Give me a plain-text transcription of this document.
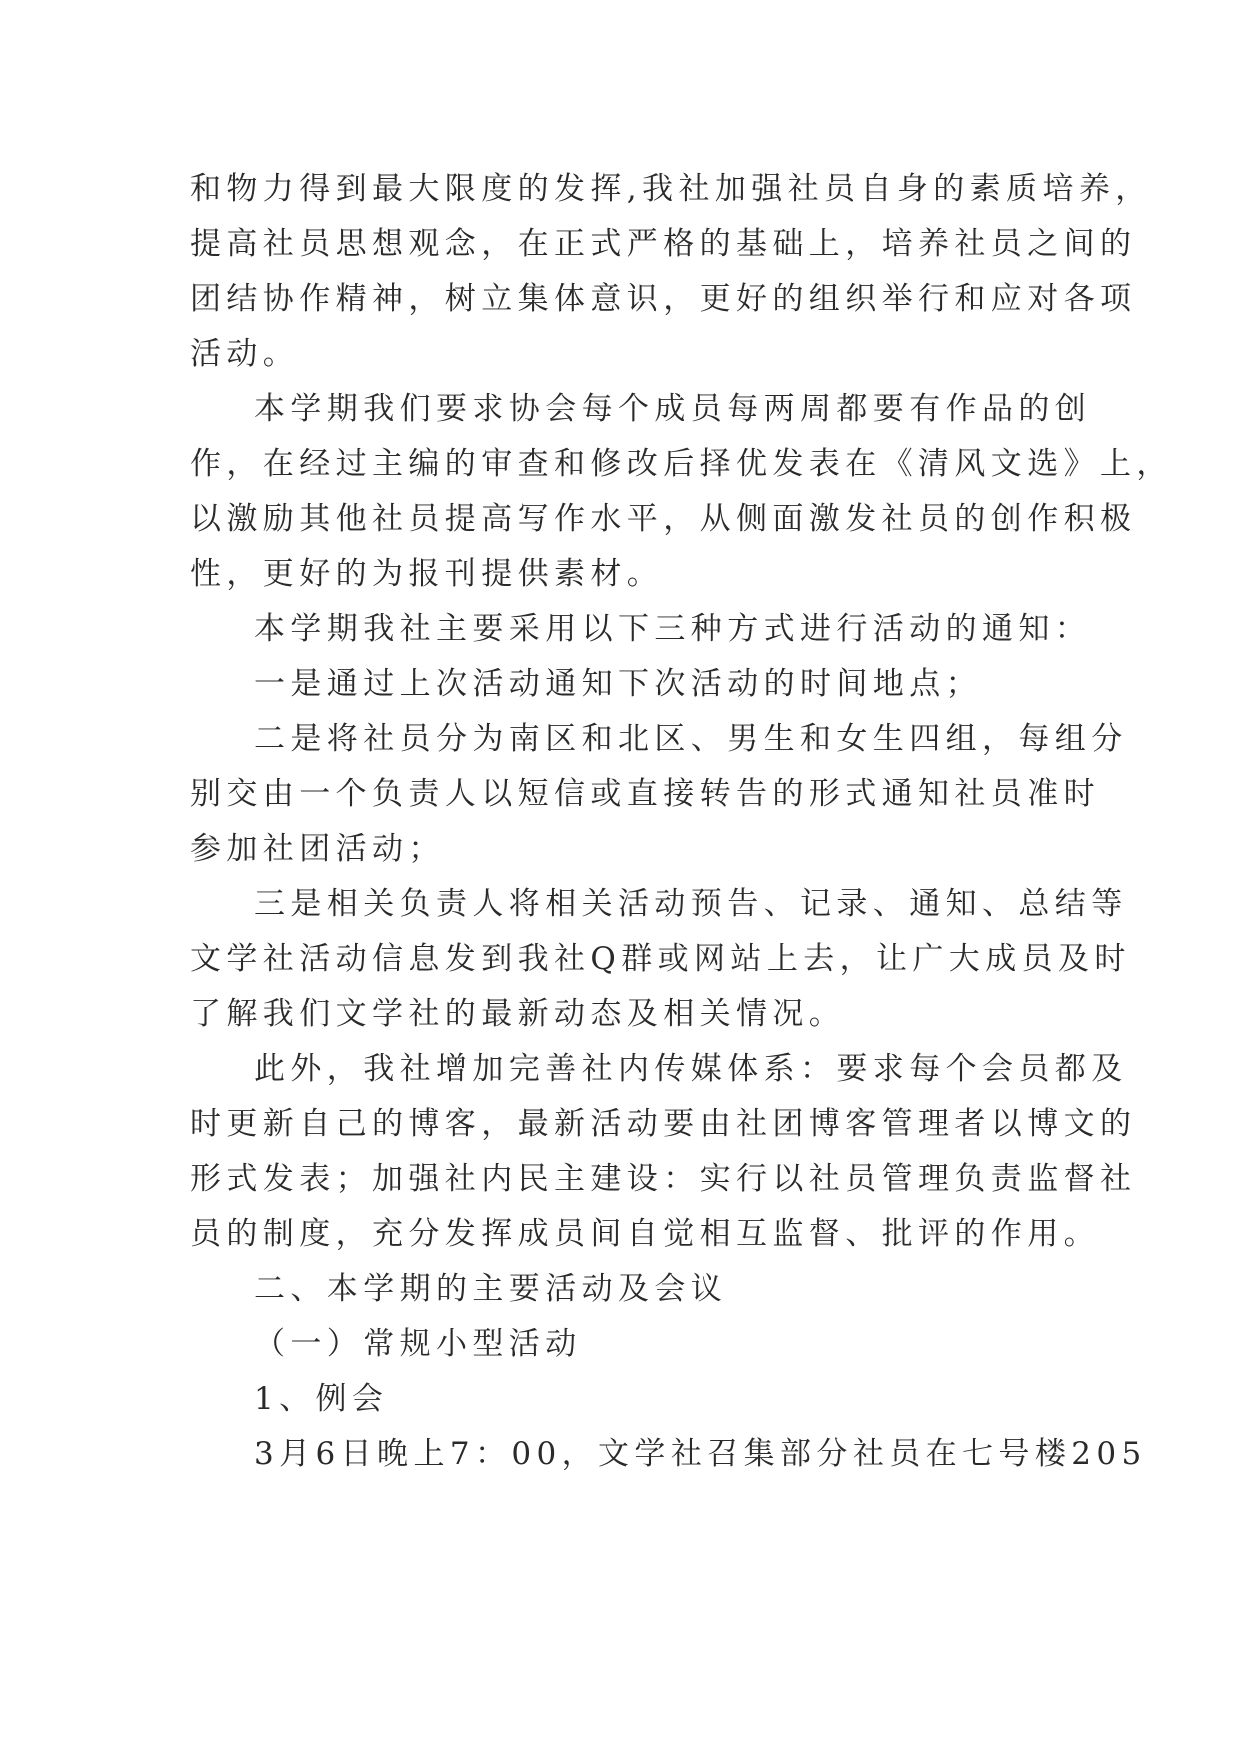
和物力得到最大限度的发挥,我社加强社员自身的素质培养，
提高社员思想观念，在正式严格的基础上，培养社员之间的
团结协作精神，树立集体意识，更好的组织举行和应对各项
活动。
本学期我们要求协会每个成员每两周都要有作品的创
作，在经过主编的审查和修改后择优发表在《清风文选》上，
以激励其他社员提高写作水平，从侧面激发社员的创作积极
性，更好的为报刊提供素材。
本学期我社主要采用以下三种方式进行活动的通知：
一是通过上次活动通知下次活动的时间地点；
二是将社员分为南区和北区、男生和女生四组，每组分
别交由一个负责人以短信或直接转告的形式通知社员准时
参加社团活动；
三是相关负责人将相关活动预告、记录、通知、总结等
文学社活动信息发到我社Q群或网站上去，让广大成员及时
了解我们文学社的最新动态及相关情况。
此外，我社增加完善社内传媒体系：要求每个会员都及
时更新自己的博客，最新活动要由社团博客管理者以博文的
形式发表；加强社内民主建设：实行以社员管理负责监督社
员的制度，充分发挥成员间自觉相互监督、批评的作用。
二、本学期的主要活动及会议
（一）常规小型活动
1、例会
3月6日晚上7：00，文学社召集部分社员在七号楼205
